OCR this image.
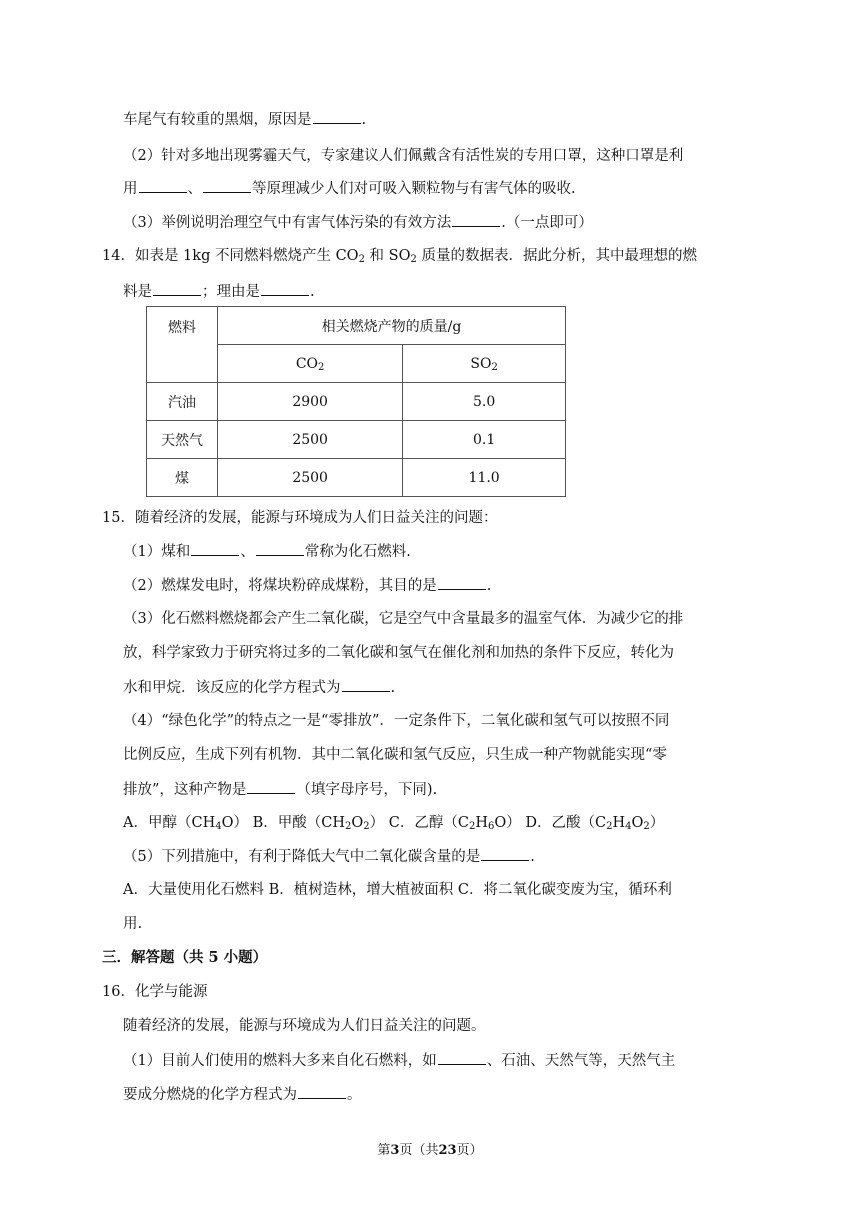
车尾气有较重的黑烟，原因是	.
（2）针对多地出现雾霾天气，专家建议人们佩戴含有活性炭的专用口罩，这种口罩是利
用	、	等原理减少人们对可吸入颗粒物与有害气体的吸收.
（3）举例说明治理空气中有害气体污染的有效方法	.（一点即可）
14．如表是 1kg 不同燃料燃烧产生 $CO_2$ 和 $SO_2$ 质量的数据表．据此分析，其中最理想的燃
料是	；理由是	.
燃料	相关燃烧产物的质量/g	
	$CO_2$	$SO_2$
汽油	2900	5.0
天然气	2500	0.1
煤	2500	11.0
15．随着经济的发展，能源与环境成为人们日益关注的问题：
（1）煤和	、	常称为化石燃料.
（2）燃煤发电时，将煤块粉碎成煤粉，其目的是	.
（3）化石燃料燃烧都会产生二氧化碳，它是空气中含量最多的温室气体．为减少它的排
放，科学家致力于研究将过多的二氧化碳和氢气在催化剂和加热的条件下反应，转化为
水和甲烷．该反应的化学方程式为	.
（4）“绿色化学”的特点之一是“零排放”．一定条件下，二氧化碳和氢气可以按照不同
比例反应，生成下列有机物．其中二氧化碳和氢气反应，只生成一种产物就能实现“零
排放”，这种产物是	（填字母序号，下同).
A．甲醇$(CH_4O)$ B．甲酸$(CH_2O_2)$ C．乙醇$(C_2H_6O)$ D．乙酸$(C_2H_4O_2)$
（5）下列措施中，有利于降低大气中二氧化碳含量的是	.
A．大量使用化石燃料 B．植树造林，增大植被面积 C．将二氧化碳变废为宝，循环利
用.
三．解答题（共 5 小题）
16．化学与能源
随着经济的发展，能源与环境成为人们日益关注的问题。
（1）目前人们使用的燃料大多来自化石燃料，如	、石油、天然气等，天然气主
要成分燃烧的化学方程式为	。
第3页（共23页）
